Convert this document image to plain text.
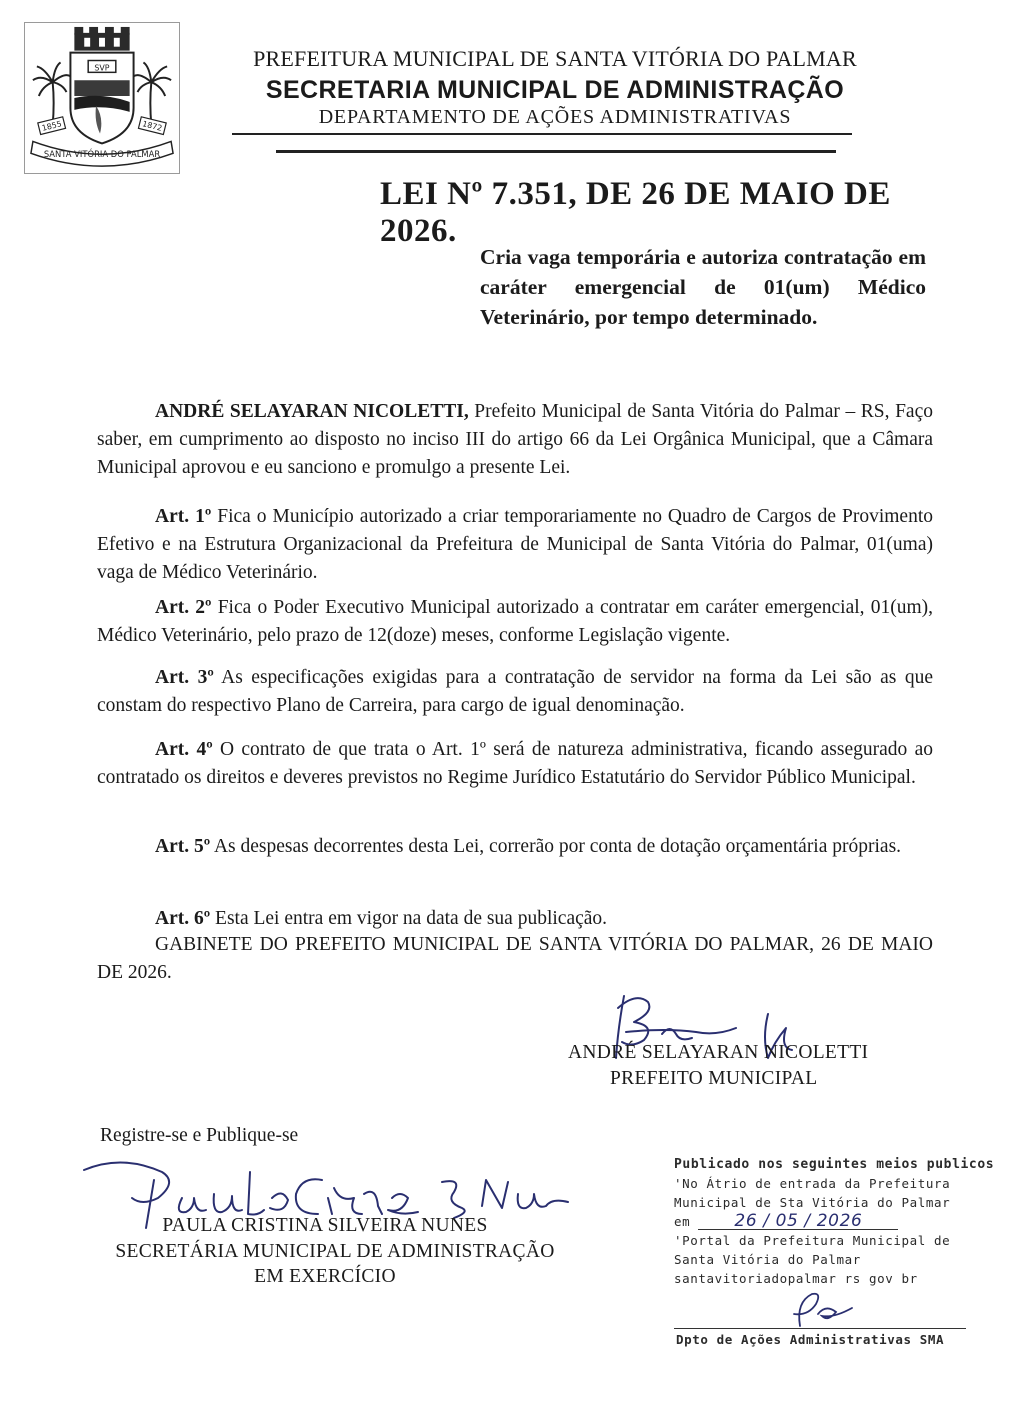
SVP
1855	1872
SANTA VITÓRIA DO PALMAR
PREFEITURA MUNICIPAL DE SANTA VITÓRIA DO PALMAR
SECRETARIA MUNICIPAL DE ADMINISTRAÇÃO
DEPARTAMENTO DE AÇÕES ADMINISTRATIVAS
LEI Nº 7.351, DE 26 DE MAIO DE 2026.
Cria vaga temporária e autoriza contratação em caráter emergencial de 01(um) Médico Veterinário, por tempo determinado.
ANDRÉ SELAYARAN NICOLETTI, Prefeito Municipal de Santa Vitória do Palmar – RS, Faço saber, em cumprimento ao disposto no inciso III do artigo 66 da Lei Orgânica Municipal, que a Câmara Municipal aprovou e eu sanciono e promulgo a presente Lei.
Art. 1º Fica o Município autorizado a criar temporariamente no Quadro de Cargos de Provimento Efetivo e na Estrutura Organizacional da Prefeitura de Municipal de Santa Vitória do Palmar, 01(uma) vaga de Médico Veterinário.
Art. 2º Fica o Poder Executivo Municipal autorizado a contratar em caráter emergencial, 01(um), Médico Veterinário, pelo prazo de 12(doze) meses, conforme Legislação vigente.
Art. 3º As especificações exigidas para a contratação de servidor na forma da Lei são as que constam do respectivo Plano de Carreira, para cargo de igual denominação.
Art. 4º O contrato de que trata o Art. 1º será de natureza administrativa, ficando assegurado ao contratado os direitos e deveres previstos no Regime Jurídico Estatutário do Servidor Público Municipal.
Art. 5º As despesas decorrentes desta Lei, correrão por conta de dotação orçamentária próprias.
Art. 6º Esta Lei entra em vigor na data de sua publicação.
GABINETE DO PREFEITO MUNICIPAL DE SANTA VITÓRIA DO PALMAR, 26 DE MAIO DE 2026.
ANDRÉ SELAYARAN NICOLETTI
PREFEITO MUNICIPAL
Registre-se e Publique-se
PAULA CRISTINA SILVEIRA NUNES
SECRETÁRIA MUNICIPAL DE ADMINISTRAÇÃO
EM EXERCÍCIO
Publicado nos seguintes meios publicos
'No Átrio de entrada da Prefeitura
Municipal de Sta Vitória do Palmar
em	26 / 05 / 2026
'Portal da Prefeitura Municipal de
Santa Vitória do Palmar
santavitoriadopalmar rs gov br
Dpto de Ações Administrativas SMA
